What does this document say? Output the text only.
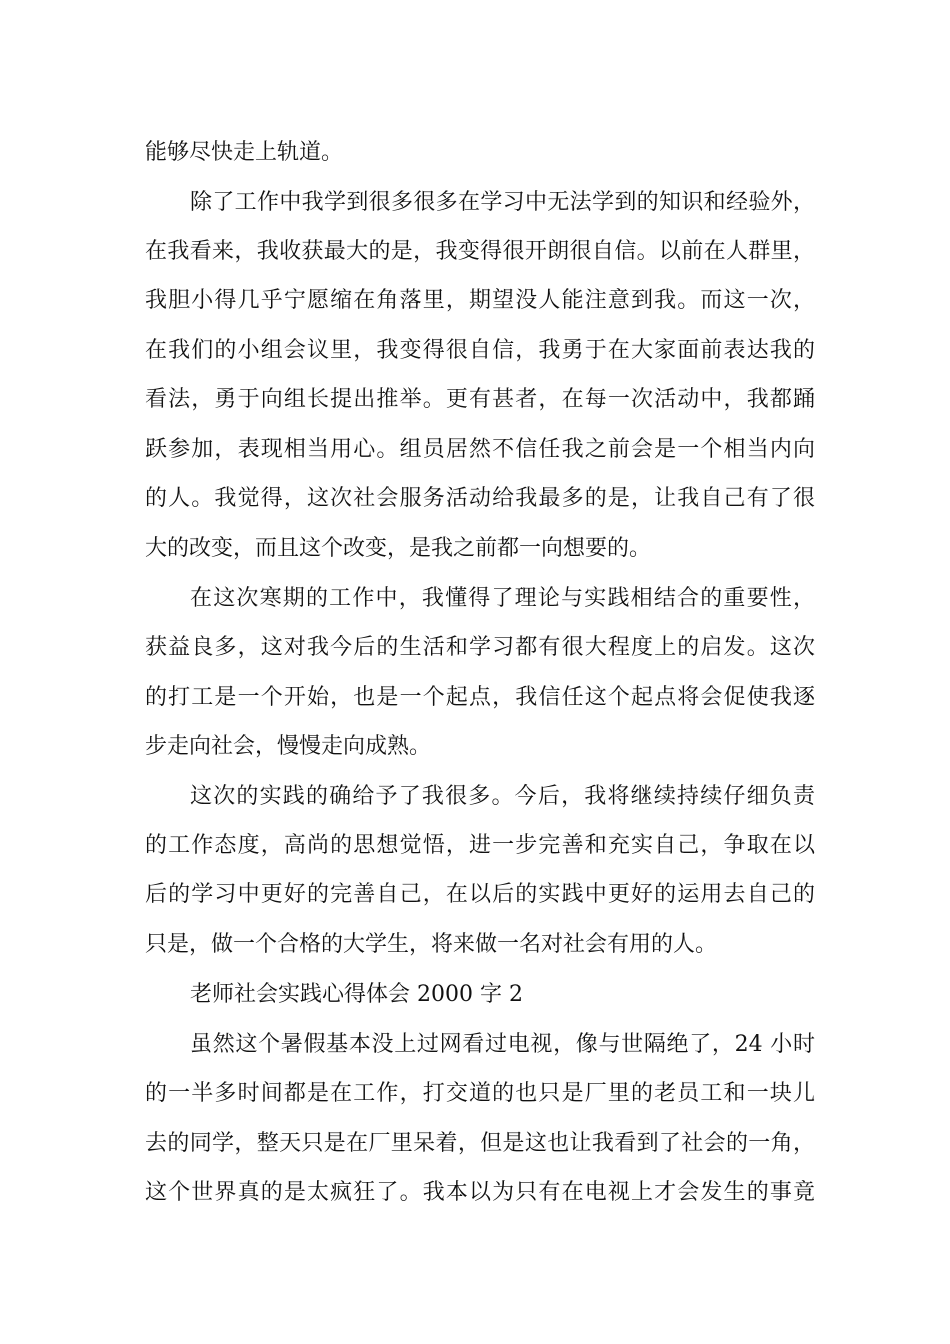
能够尽快走上轨道。
除了工作中我学到很多很多在学习中无法学到的知识和经验外，
在我看来，我收获最大的是，我变得很开朗很自信。以前在人群里，
我胆小得几乎宁愿缩在角落里，期望没人能注意到我。而这一次，
在我们的小组会议里，我变得很自信，我勇于在大家面前表达我的
看法，勇于向组长提出推举。更有甚者，在每一次活动中，我都踊
跃参加，表现相当用心。组员居然不信任我之前会是一个相当内向
的人。我觉得，这次社会服务活动给我最多的是，让我自己有了很
大的改变，而且这个改变，是我之前都一向想要的。
在这次寒期的工作中，我懂得了理论与实践相结合的重要性，
获益良多，这对我今后的生活和学习都有很大程度上的启发。这次
的打工是一个开始，也是一个起点，我信任这个起点将会促使我逐
步走向社会，慢慢走向成熟。
这次的实践的确给予了我很多。今后，我将继续持续仔细负责
的工作态度，高尚的思想觉悟，进一步完善和充实自己，争取在以
后的学习中更好的完善自己，在以后的实践中更好的运用去自己的
只是，做一个合格的大学生，将来做一名对社会有用的人。
老师社会实践心得体会 2000 字 2
虽然这个暑假基本没上过网看过电视，像与世隔绝了，24 小时
的一半多时间都是在工作，打交道的也只是厂里的老员工和一块儿
去的同学，整天只是在厂里呆着，但是这也让我看到了社会的一角，
这个世界真的是太疯狂了。我本以为只有在电视上才会发生的事竟
